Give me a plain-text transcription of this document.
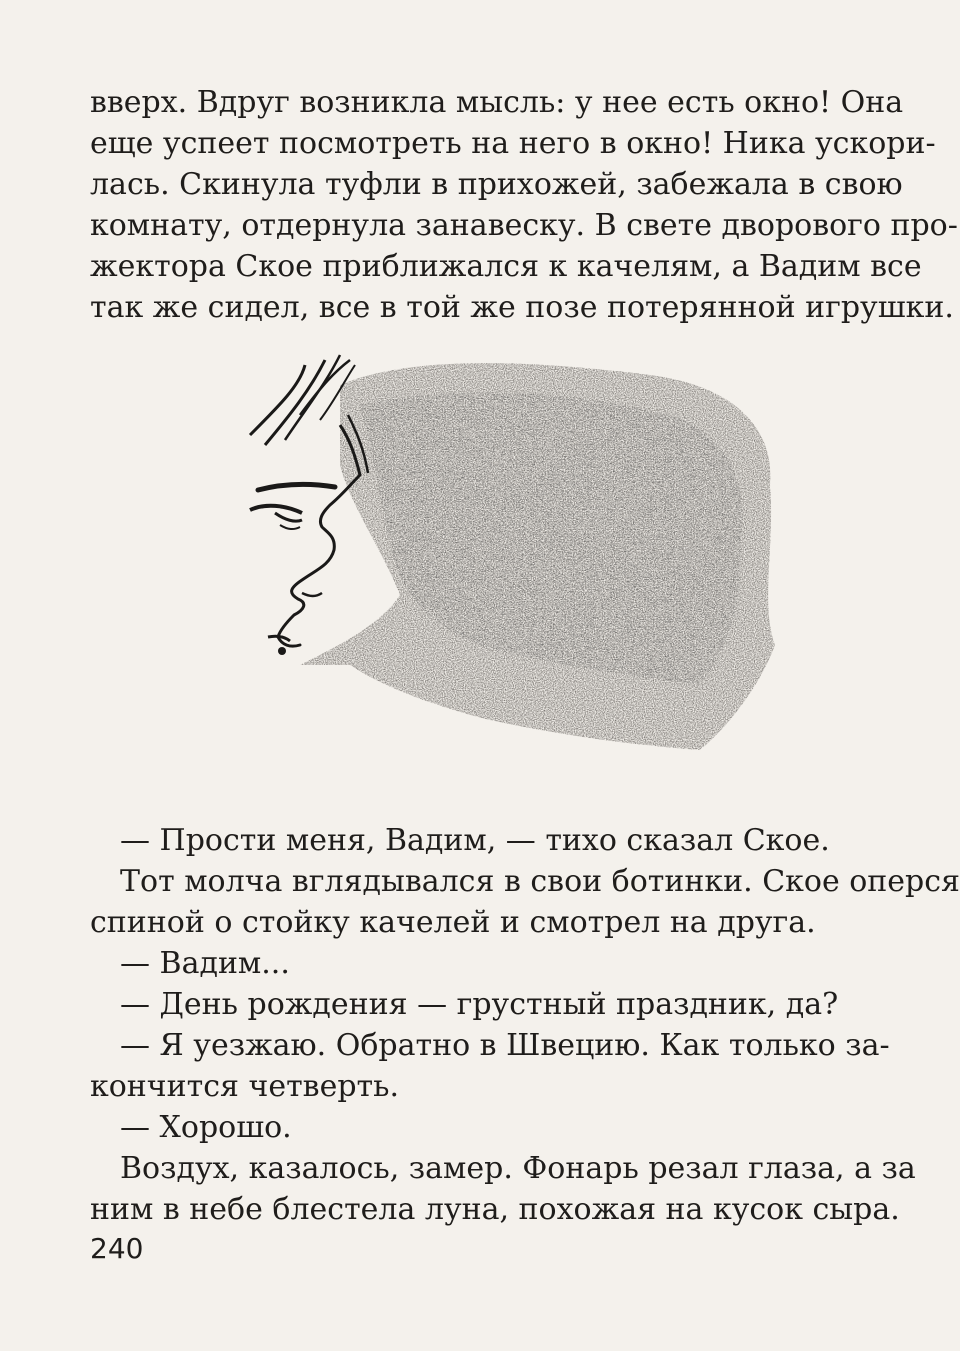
вверх. Вдруг возникла мысль: у нее есть окно! Она
еще успеет посмотреть на него в окно! Ника ускори-
лась. Скинула туфли в прихожей, забежала в свою
комнату, отдернула занавеску. В свете дворового про-
жектора Ское приближался к качелям, а Вадим все
так же сидел, все в той же позе потерянной игрушки.
— Прости меня, Вадим, — тихо сказал Ское.
Тот молча вглядывался в свои ботинки. Ское оперся
спиной о стойку качелей и смотрел на друга.
— Вадим...
— День рождения — грустный праздник, да?
— Я уезжаю. Обратно в Швецию. Как только за-
кончится четверть.
— Хорошо.
Воздух, казалось, замер. Фонарь резал глаза, а за
ним в небе блестела луна, похожая на кусок сыра.
240
